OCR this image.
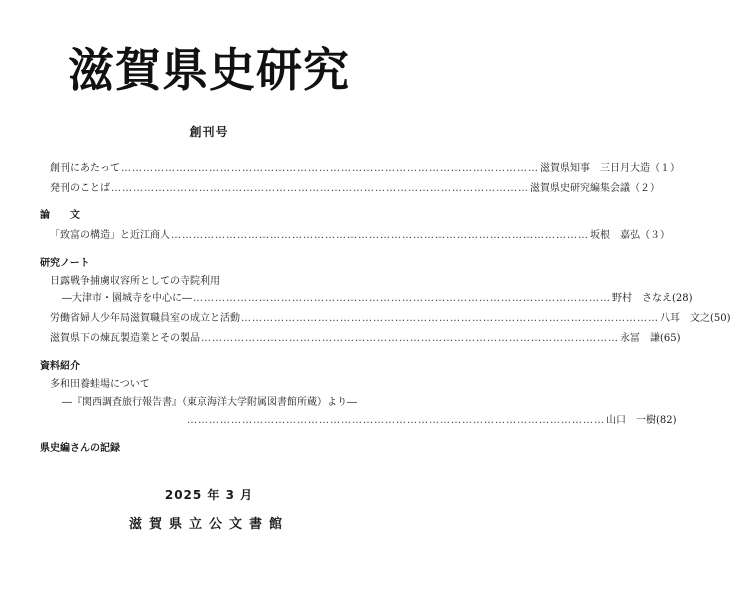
滋賀県史研究
創刊号
創刊にあたって …………………………………………………………………………………………………… 滋賀県知事　三日月大造 （１）
発刊のことば …………………………………………………………………………………………………… 滋賀県史研究編集会議 （２）
論　　文
「致富の構造」と近江商人 …………………………………………………………………………………………………… 坂根　嘉弘 （３）
研究ノート
日露戦争捕虜収容所としての寺院利用
―大津市・園城寺を中心に― …………………………………………………………………………………………………… 野村　さなえ (28)
労働省婦人少年局滋賀職員室の成立と活動 …………………………………………………………………………………………………… 八耳　文之 (50)
滋賀県下の煉瓦製造業とその製品 …………………………………………………………………………………………………… 永冨　謙 (65)
資料紹介
多和田養蛙場について
―『関西調査旅行報告書』（東京海洋大学附属図書館所蔵）より―
…………………………………………………………………………………………………… 山口　一樹 (82)
県史編さんの記録
2025 年 3 月
滋賀県立公文書館
